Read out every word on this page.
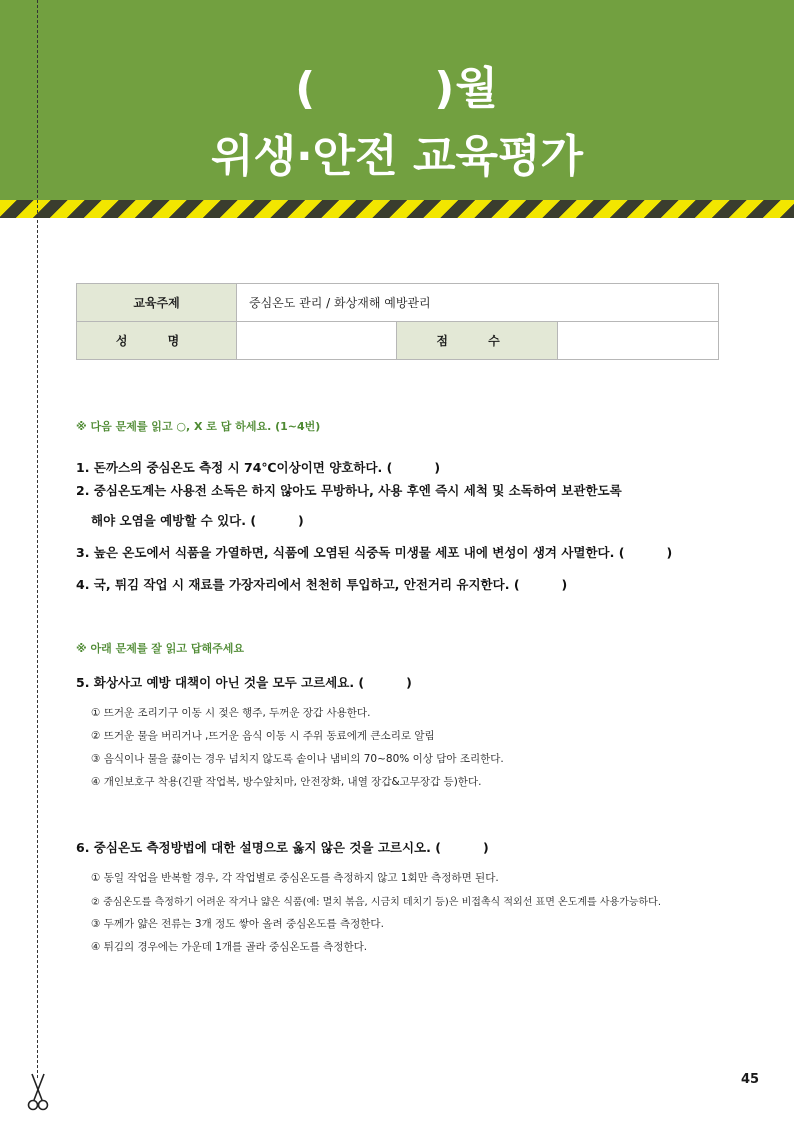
(	)월
위생·안전 교육평가
교육주제	중심온도 관리 / 화상재해 예방관리		
성 명		점 수	
※ 다음 문제를 읽고 ○, X 로 답 하세요. (1~4번)
1. 돈까스의 중심온도 측정 시 74℃이상이면 양호하다. (	)
2. 중심온도계는 사용전 소독은 하지 않아도 무방하나, 사용 후엔 즉시 세척 및 소독하여 보관한도록
해야 오염을 예방할 수 있다. (	)
3. 높은 온도에서 식품을 가열하면, 식품에 오염된 식중독 미생물 세포 내에 변성이 생겨 사멸한다. (	)
4. 국, 튀김 작업 시 재료를 가장자리에서 천천히 투입하고, 안전거리 유지한다. (	)
※ 아래 문제를 잘 읽고 답해주세요
5. 화상사고 예방 대책이 아닌 것을 모두 고르세요. (	)
① 뜨거운 조리기구 이동 시 젖은 행주, 두꺼운 장갑 사용한다.
② 뜨거운 물을 버리거나 ,뜨거운 음식 이동 시 주위 동료에게 큰소리로 알림
③ 음식이나 물을 끓이는 경우 넘치지 않도록 솥이나 냄비의 70~80% 이상 담아 조리한다.
④ 개인보호구 착용(긴팔 작업복, 방수앞치마, 안전장화, 내열 장갑&고무장갑 등)한다.
6. 중심온도 측정방법에 대한 설명으로 옳지 않은 것을 고르시오. (	)
① 동일 작업을 반복할 경우, 각 작업별로 중심온도를 측정하지 않고 1회만 측정하면 된다.
② 중심온도를 측정하기 어려운 작거나 얇은 식품(예: 멸치 볶음, 시금치 데치기 등)은 비접촉식 적외선 표면 온도계를 사용가능하다.
③ 두께가 얇은 전류는 3개 정도 쌓아 올려 중심온도를 측정한다.
④ 튀김의 경우에는 가운데 1개를 골라 중심온도를 측정한다.
45
